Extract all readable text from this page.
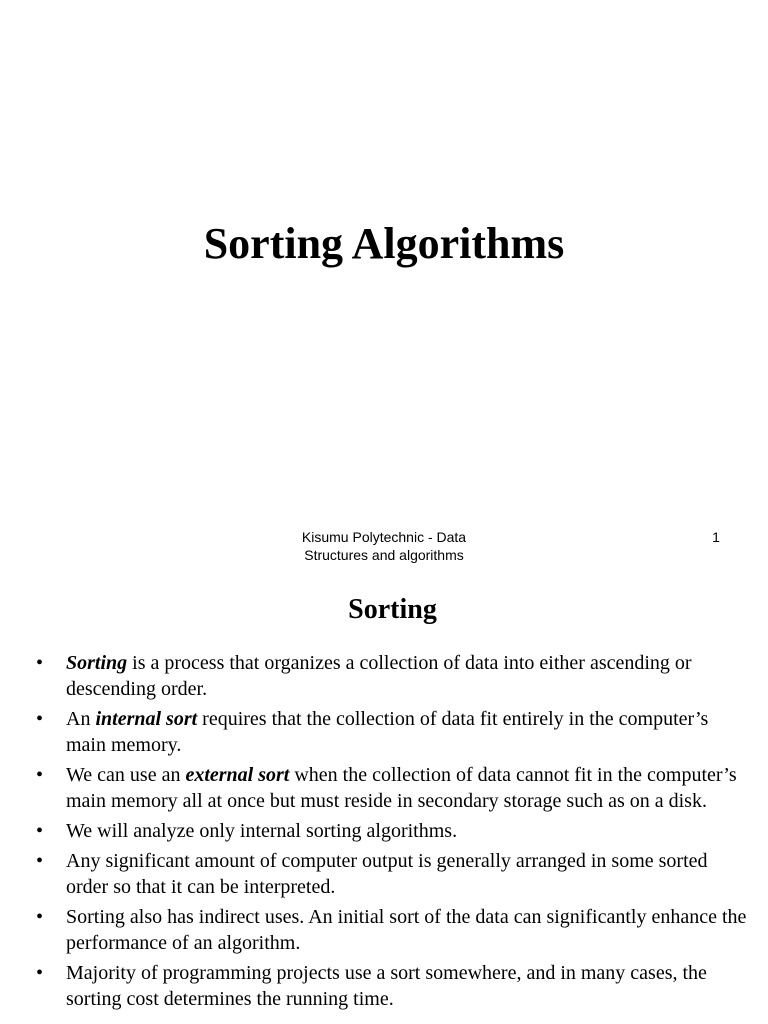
Sorting Algorithms
Kisumu Polytechnic - Data Structures and algorithms
1
Sorting
• Sorting is a process that organizes a collection of data into either ascending or descending order.
• An internal sort requires that the collection of data fit entirely in the computer’s main memory.
• We can use an external sort when the collection of data cannot fit in the computer’s main memory all at once but must reside in secondary storage such as on a disk.
• We will analyze only internal sorting algorithms.
• Any significant amount of computer output is generally arranged in some sorted order so that it can be interpreted.
• Sorting also has indirect uses. An initial sort of the data can significantly enhance the performance of an algorithm.
• Majority of programming projects use a sort somewhere, and in many cases, the sorting cost determines the running time.
